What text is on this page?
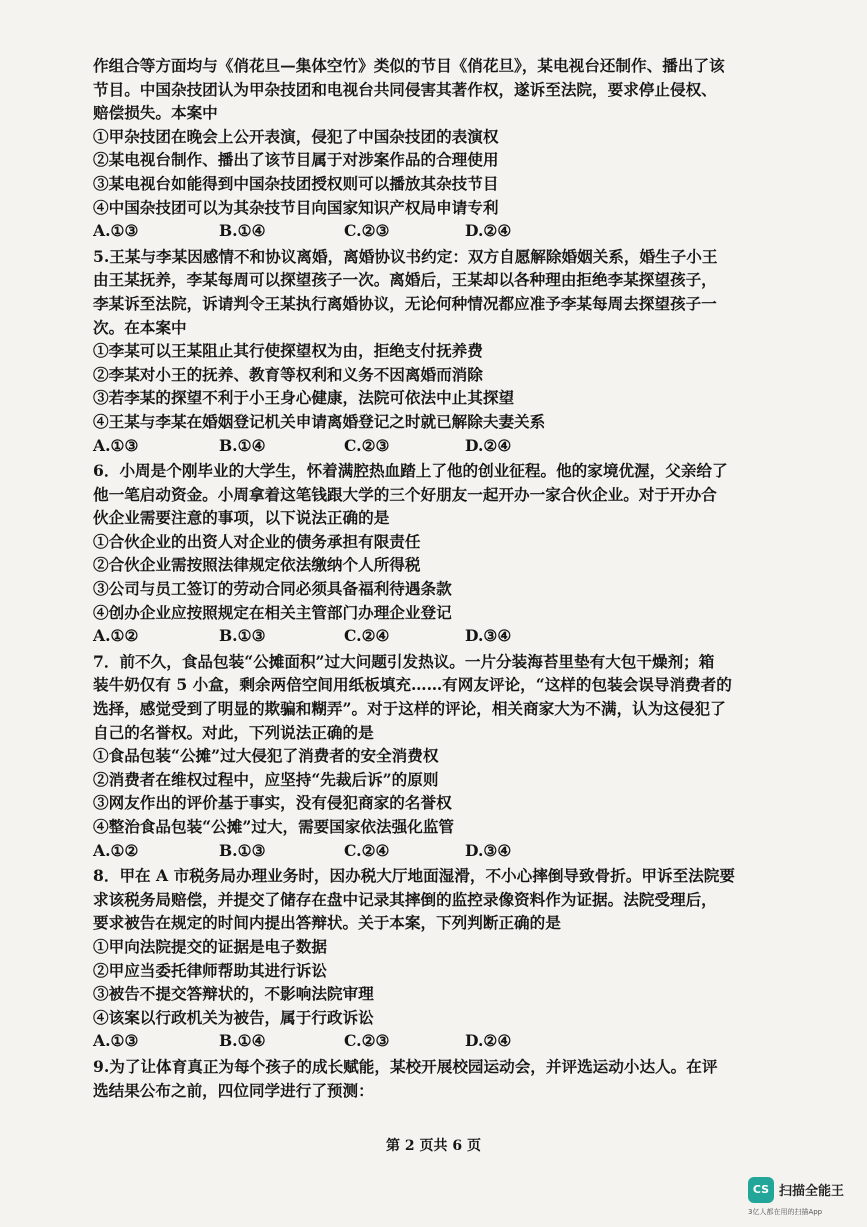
作组合等方面均与《俏花旦—集体空竹》类似的节目《俏花旦》，某电视台还制作、播出了该
节目。中国杂技团认为甲杂技团和电视台共同侵害其著作权，遂诉至法院，要求停止侵权、
赔偿损失。本案中
①甲杂技团在晚会上公开表演，侵犯了中国杂技团的表演权
②某电视台制作、播出了该节目属于对涉案作品的合理使用
③某电视台如能得到中国杂技团授权则可以播放其杂技节目
④中国杂技团可以为其杂技节目向国家知识产权局申请专利
A.①③	B.①④	C.②③	D.②④
5.王某与李某因感情不和协议离婚，离婚协议书约定：双方自愿解除婚姻关系，婚生子小王
由王某抚养，李某每周可以探望孩子一次。离婚后，王某却以各种理由拒绝李某探望孩子，
李某诉至法院，诉请判令王某执行离婚协议，无论何种情况都应准予李某每周去探望孩子一
次。在本案中
①李某可以王某阻止其行使探望权为由，拒绝支付抚养费
②李某对小王的抚养、教育等权利和义务不因离婚而消除
③若李某的探望不利于小王身心健康，法院可依法中止其探望
④王某与李某在婚姻登记机关申请离婚登记之时就已解除夫妻关系
A.①③	B.①④	C.②③	D.②④
6．小周是个刚毕业的大学生，怀着满腔热血踏上了他的创业征程。他的家境优渥，父亲给了
他一笔启动资金。小周拿着这笔钱跟大学的三个好朋友一起开办一家合伙企业。对于开办合
伙企业需要注意的事项，以下说法正确的是
①合伙企业的出资人对企业的债务承担有限责任
②合伙企业需按照法律规定依法缴纳个人所得税
③公司与员工签订的劳动合同必须具备福利待遇条款
④创办企业应按照规定在相关主管部门办理企业登记
A.①②	B.①③	C.②④	D.③④
7．前不久，食品包装“公摊面积”过大问题引发热议。一片分装海苔里垫有大包干燥剂；箱
装牛奶仅有 5 小盒，剩余两倍空间用纸板填充……有网友评论，“这样的包装会误导消费者的
选择，感觉受到了明显的欺骗和糊弄”。对于这样的评论，相关商家大为不满，认为这侵犯了
自己的名誉权。对此，下列说法正确的是
①食品包装“公摊”过大侵犯了消费者的安全消费权
②消费者在维权过程中，应坚持“先裁后诉”的原则
③网友作出的评价基于事实，没有侵犯商家的名誉权
④整治食品包装“公摊”过大，需要国家依法强化监管
A.①②	B.①③	C.②④	D.③④
8．甲在 A 市税务局办理业务时，因办税大厅地面湿滑，不小心摔倒导致骨折。甲诉至法院要
求该税务局赔偿，并提交了储存在盘中记录其摔倒的监控录像资料作为证据。法院受理后，
要求被告在规定的时间内提出答辩状。关于本案，下列判断正确的是
①甲向法院提交的证据是电子数据
②甲应当委托律师帮助其进行诉讼
③被告不提交答辩状的，不影响法院审理
④该案以行政机关为被告，属于行政诉讼
A.①③	B.①④	C.②③	D.②④
9.为了让体育真正为每个孩子的成长赋能，某校开展校园运动会，并评选运动小达人。在评
选结果公布之前，四位同学进行了预测：
第 2 页共 6 页
CS 扫描全能王
3亿人都在用的扫描App
